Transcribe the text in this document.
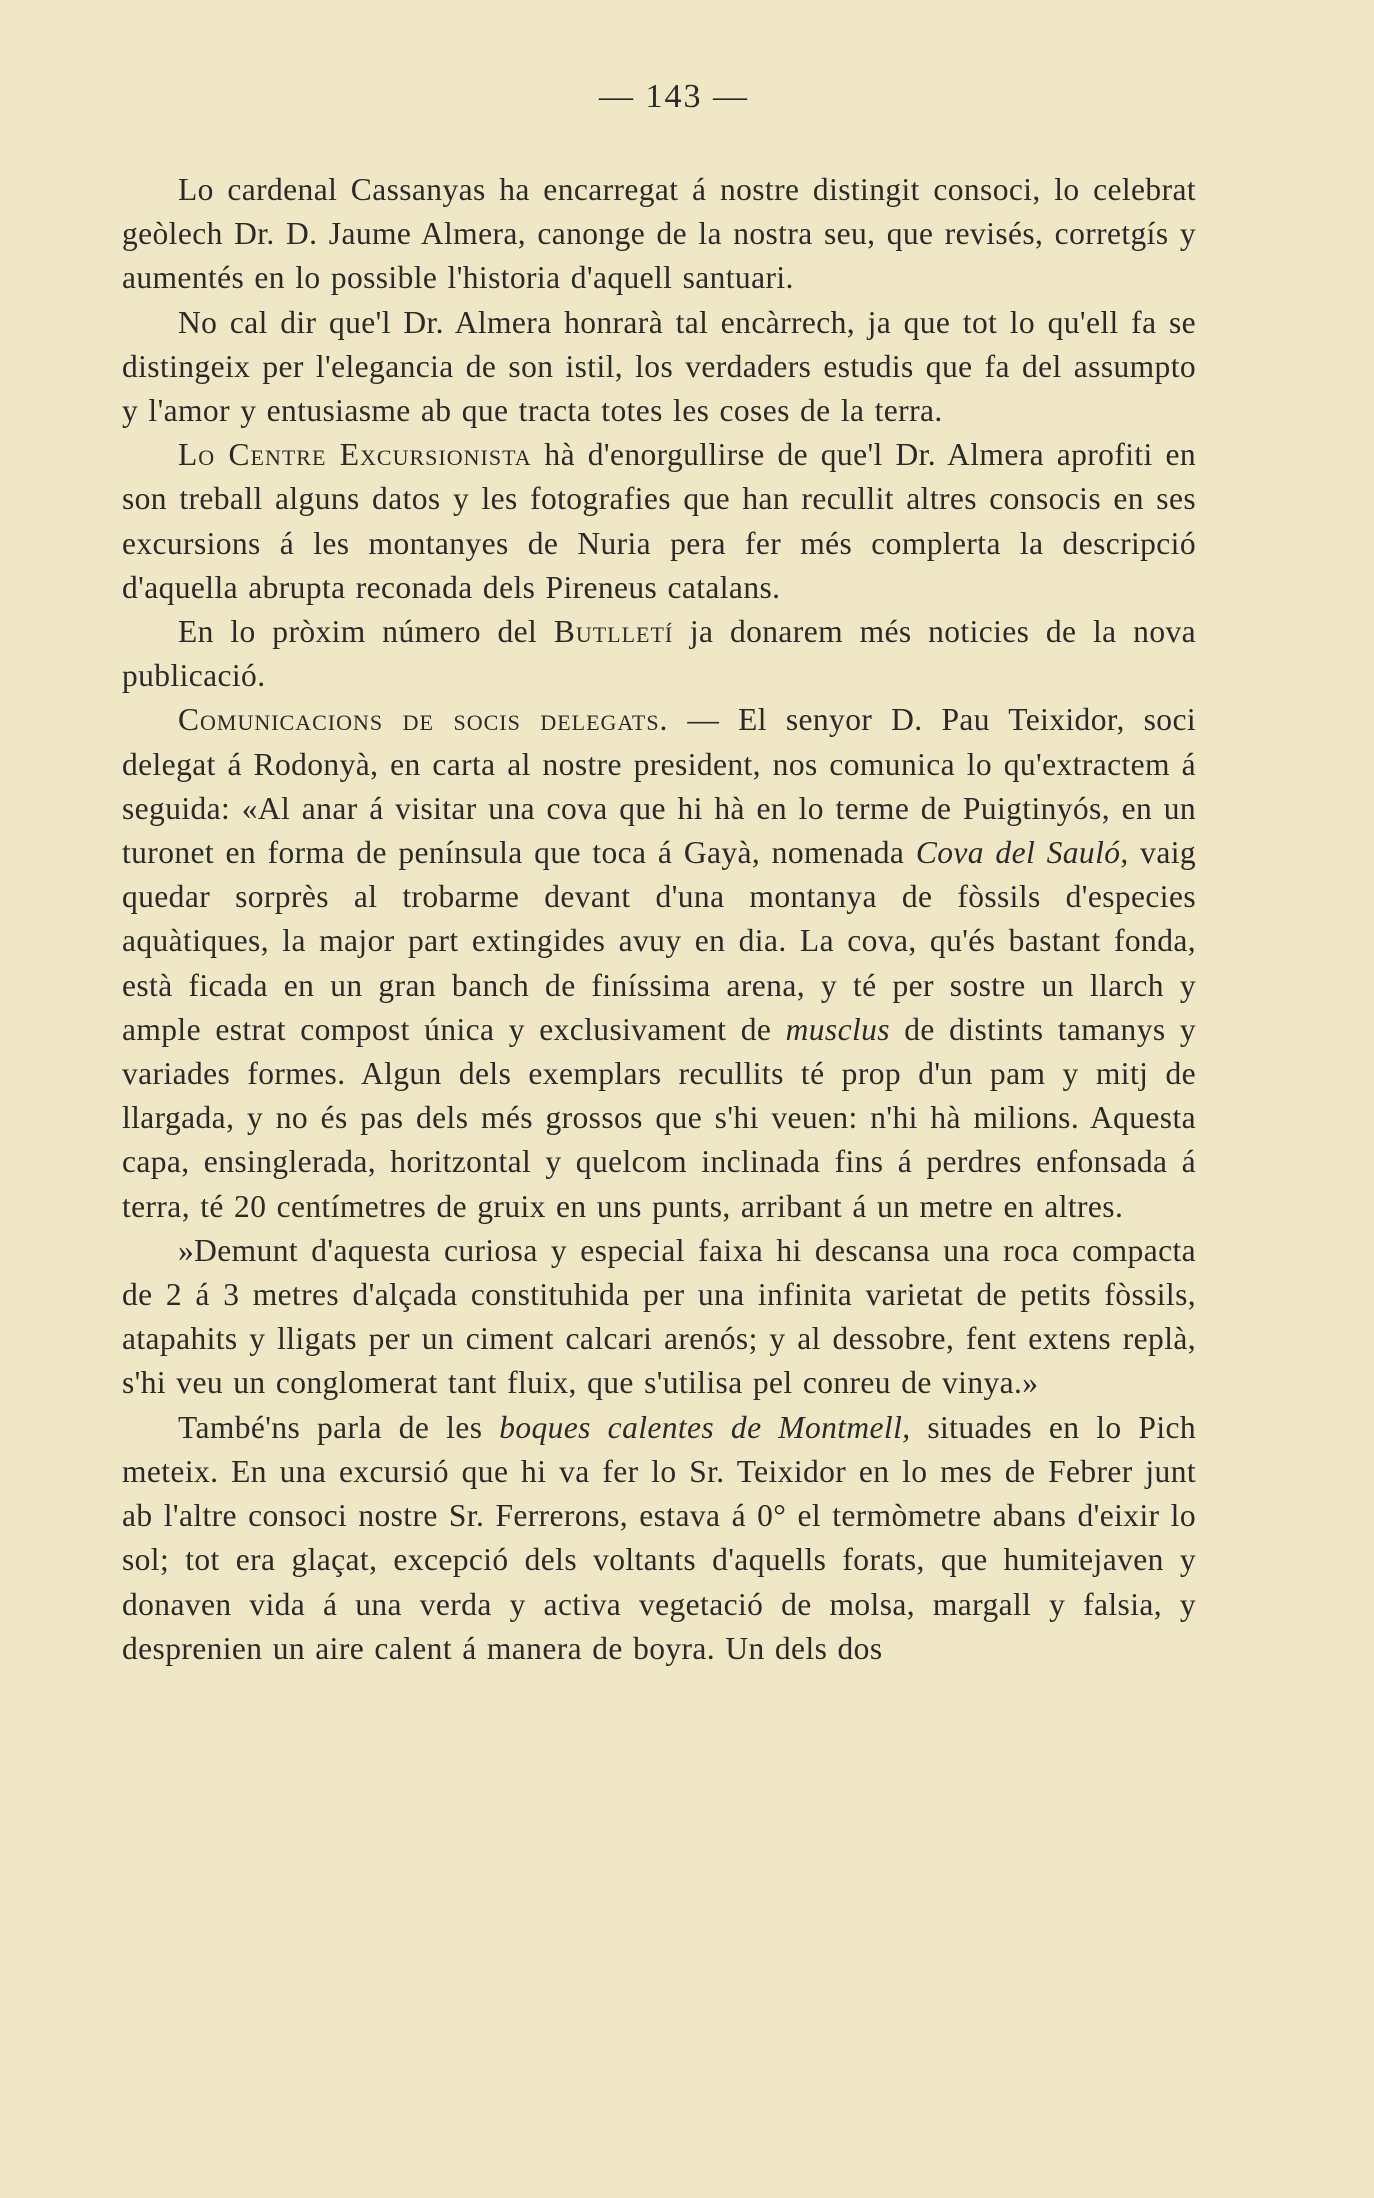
— 143 —

Lo cardenal Cassanyas ha encarregat á nostre distingit consoci, lo celebrat geòlech Dr. D. Jaume Almera, canonge de la nostra seu, que revisés, corretgís y aumentés en lo possible l'historia d'aquell santuari.

No cal dir que'l Dr. Almera honrarà tal encàrrech, ja que tot lo qu'ell fa se distingeix per l'elegancia de son istil, los verdaders estudis que fa del assumpto y l'amor y entusiasme ab que tracta totes les coses de la terra.

Lo Centre Excursionista hà d'enorgullirse de que'l Dr. Almera aprofiti en son treball alguns datos y les fotografies que han recullit altres consocis en ses excursions á les montanyes de Nuria pera fer més complerta la descripció d'aquella abrupta reconada dels Pireneus catalans.

En lo pròxim número del Butlletí ja donarem més noticies de la nova publicació.

Comunicacions de socis delegats. — El senyor D. Pau Teixidor, soci delegat á Rodonyà, en carta al nostre president, nos comunica lo qu'extractem á seguida: «Al anar á visitar una cova que hi hà en lo terme de Puigtinyós, en un turonet en forma de península que toca á Gayà, nomenada Cova del Sauló, vaig quedar sorprès al trobarme devant d'una montanya de fòssils d'especies aquàtiques, la major part extingides avuy en dia. La cova, qu'és bastant fonda, està ficada en un gran banch de finíssima arena, y té per sostre un llarch y ample estrat compost única y exclusivament de musclus de distints tamanys y variades formes. Algun dels exemplars recullits té prop d'un pam y mitj de llargada, y no és pas dels més grossos que s'hi veuen: n'hi hà milions. Aquesta capa, ensinglerada, horitzontal y quelcom inclinada fins á perdres enfonsada á terra, té 20 centímetres de gruix en uns punts, arribant á un metre en altres.

»Demunt d'aquesta curiosa y especial faixa hi descansa una roca compacta de 2 á 3 metres d'alçada constituhida per una infinita varietat de petits fòssils, atapahits y lligats per un ciment calcari arenós; y al dessobre, fent extens replà, s'hi veu un conglomerat tant fluix, que s'utilisa pel conreu de vinya.»

També'ns parla de les boques calentes de Montmell, situades en lo Pich meteix. En una excursió que hi va fer lo Sr. Teixidor en lo mes de Febrer junt ab l'altre consoci nostre Sr. Ferrerons, estava á 0° el termòmetre abans d'eixir lo sol; tot era glaçat, excepció dels voltants d'aquells forats, que humitejaven y donaven vida á una verda y activa vegetació de molsa, margall y falsia, y desprenien un aire calent á manera de boyra. Un dels dos
